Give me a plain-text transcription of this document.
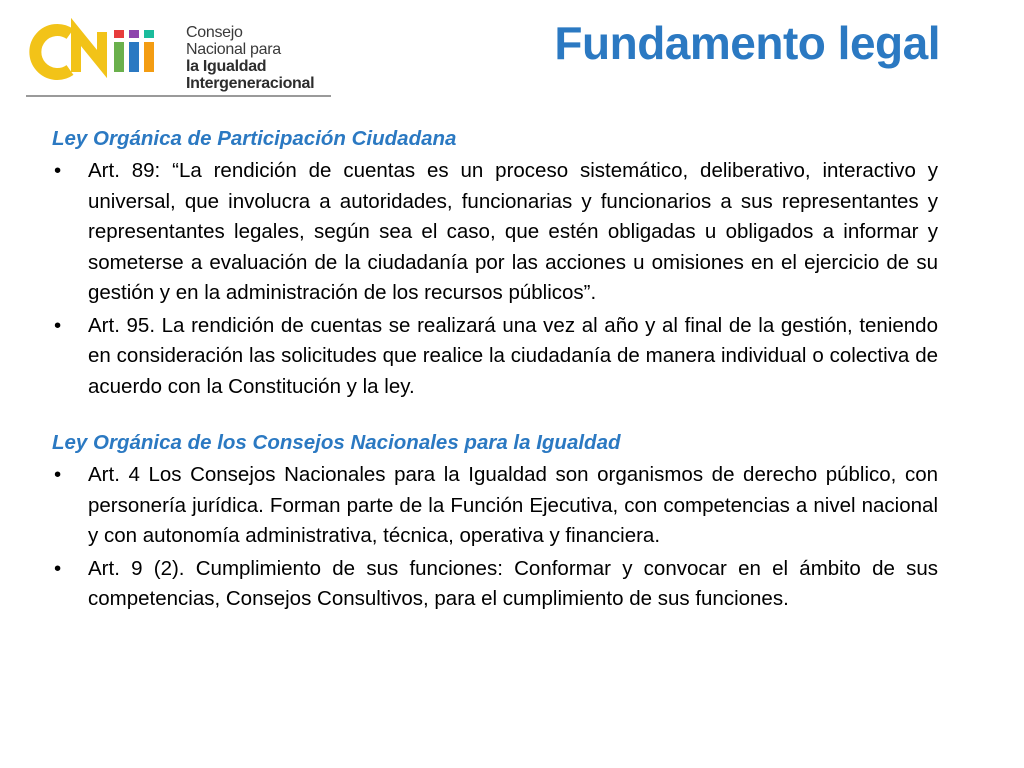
Consejo
Nacional para
la Igualdad
Intergeneracional
Fundamento legal
Ley Orgánica de Participación Ciudadana
• Art. 89: “La rendición de cuentas es un proceso sistemático, deliberativo, interactivo y universal, que involucra a autoridades, funcionarias y funcionarios a sus representantes y representantes legales, según sea el caso, que estén obligadas u obligados a informar y someterse a evaluación de la ciudadanía por las acciones u omisiones en el ejercicio de su gestión y en la administración de los recursos públicos”.
• Art. 95. La rendición de cuentas se realizará una vez al año y al final de la gestión, teniendo en consideración las solicitudes que realice la ciudadanía de manera individual o colectiva de acuerdo con la Constitución y la ley.
Ley Orgánica de los Consejos Nacionales para la Igualdad
• Art. 4 Los Consejos Nacionales para la Igualdad son organismos de derecho público, con personería jurídica. Forman parte de la Función Ejecutiva, con competencias a nivel nacional y con autonomía administrativa, técnica, operativa y financiera.
• Art. 9 (2). Cumplimiento de sus funciones: Conformar y convocar en el ámbito de sus competencias, Consejos Consultivos, para el cumplimiento de sus funciones.
